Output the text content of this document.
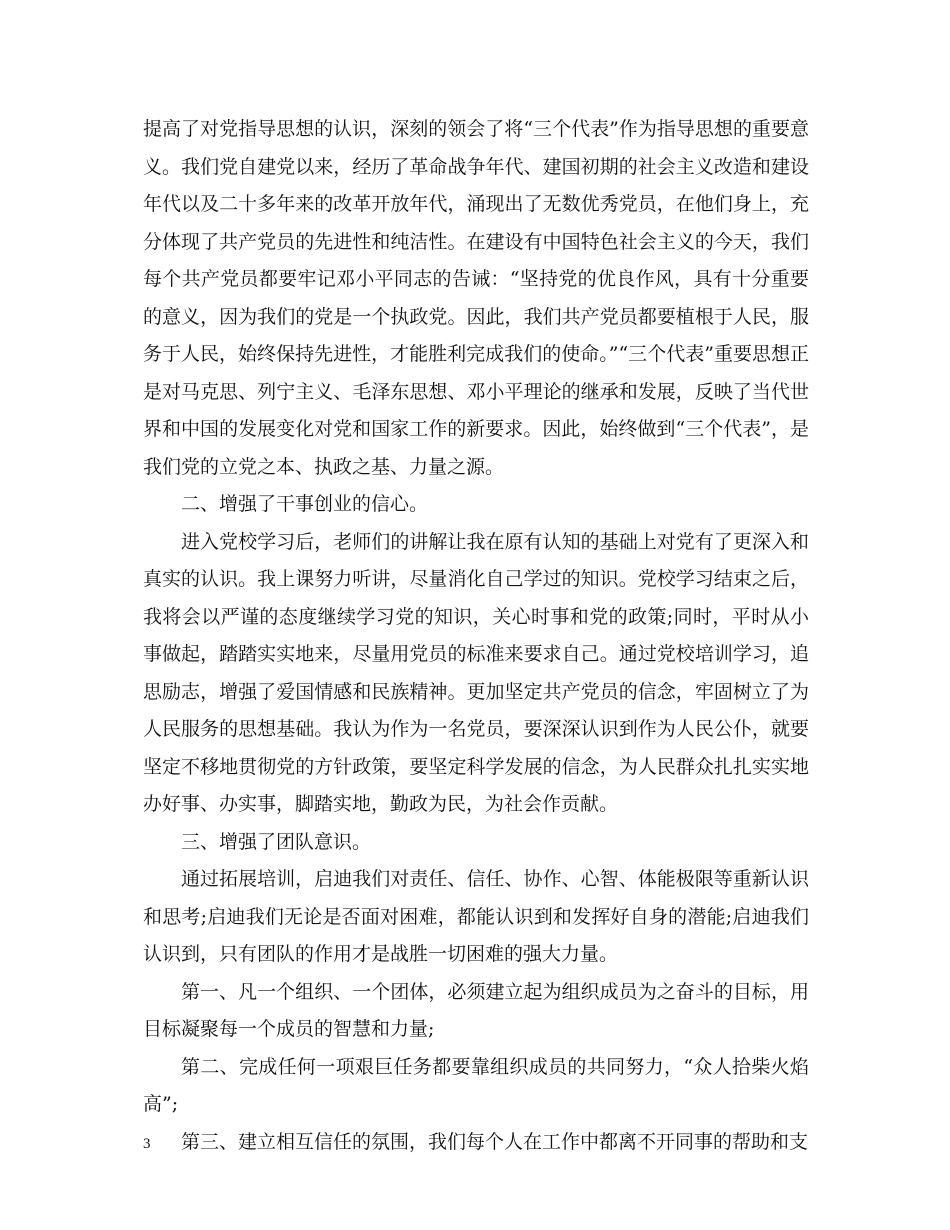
提高了对党指导思想的认识，深刻的领会了将“三个代表”作为指导思想的重要意义。我们党自建党以来，经历了革命战争年代、建国初期的社会主义改造和建设年代以及二十多年来的改革开放年代，涌现出了无数优秀党员，在他们身上，充分体现了共产党员的先进性和纯洁性。在建设有中国特色社会主义的今天，我们每个共产党员都要牢记邓小平同志的告诫：“坚持党的优良作风，具有十分重要的意义，因为我们的党是一个执政党。因此，我们共产党员都要植根于人民，服务于人民，始终保持先进性，才能胜利完成我们的使命。”“三个代表”重要思想正是对马克思、列宁主义、毛泽东思想、邓小平理论的继承和发展，反映了当代世界和中国的发展变化对党和国家工作的新要求。因此，始终做到“三个代表”，是我们党的立党之本、执政之基、力量之源。

二、增强了干事创业的信心。

进入党校学习后，老师们的讲解让我在原有认知的基础上对党有了更深入和真实的认识。我上课努力听讲，尽量消化自己学过的知识。党校学习结束之后，我将会以严谨的态度继续学习党的知识，关心时事和党的政策;同时，平时从小事做起，踏踏实实地来，尽量用党员的标准来要求自己。通过党校培训学习，追思励志，增强了爱国情感和民族精神。更加坚定共产党员的信念，牢固树立了为人民服务的思想基础。我认为作为一名党员，要深深认识到作为人民公仆，就要坚定不移地贯彻党的方针政策，要坚定科学发展的信念，为人民群众扎扎实实地办好事、办实事，脚踏实地，勤政为民，为社会作贡献。

三、增强了团队意识。

通过拓展培训，启迪我们对责任、信任、协作、心智、体能极限等重新认识和思考;启迪我们无论是否面对困难，都能认识到和发挥好自身的潜能;启迪我们认识到，只有团队的作用才是战胜一切困难的强大力量。

第一、凡一个组织、一个团体，必须建立起为组织成员为之奋斗的目标，用目标凝聚每一个成员的智慧和力量;

第二、完成任何一项艰巨任务都要靠组织成员的共同努力，“众人拾柴火焰高”;

第三、建立相互信任的氛围，我们每个人在工作中都离不开同事的帮助和支

3
